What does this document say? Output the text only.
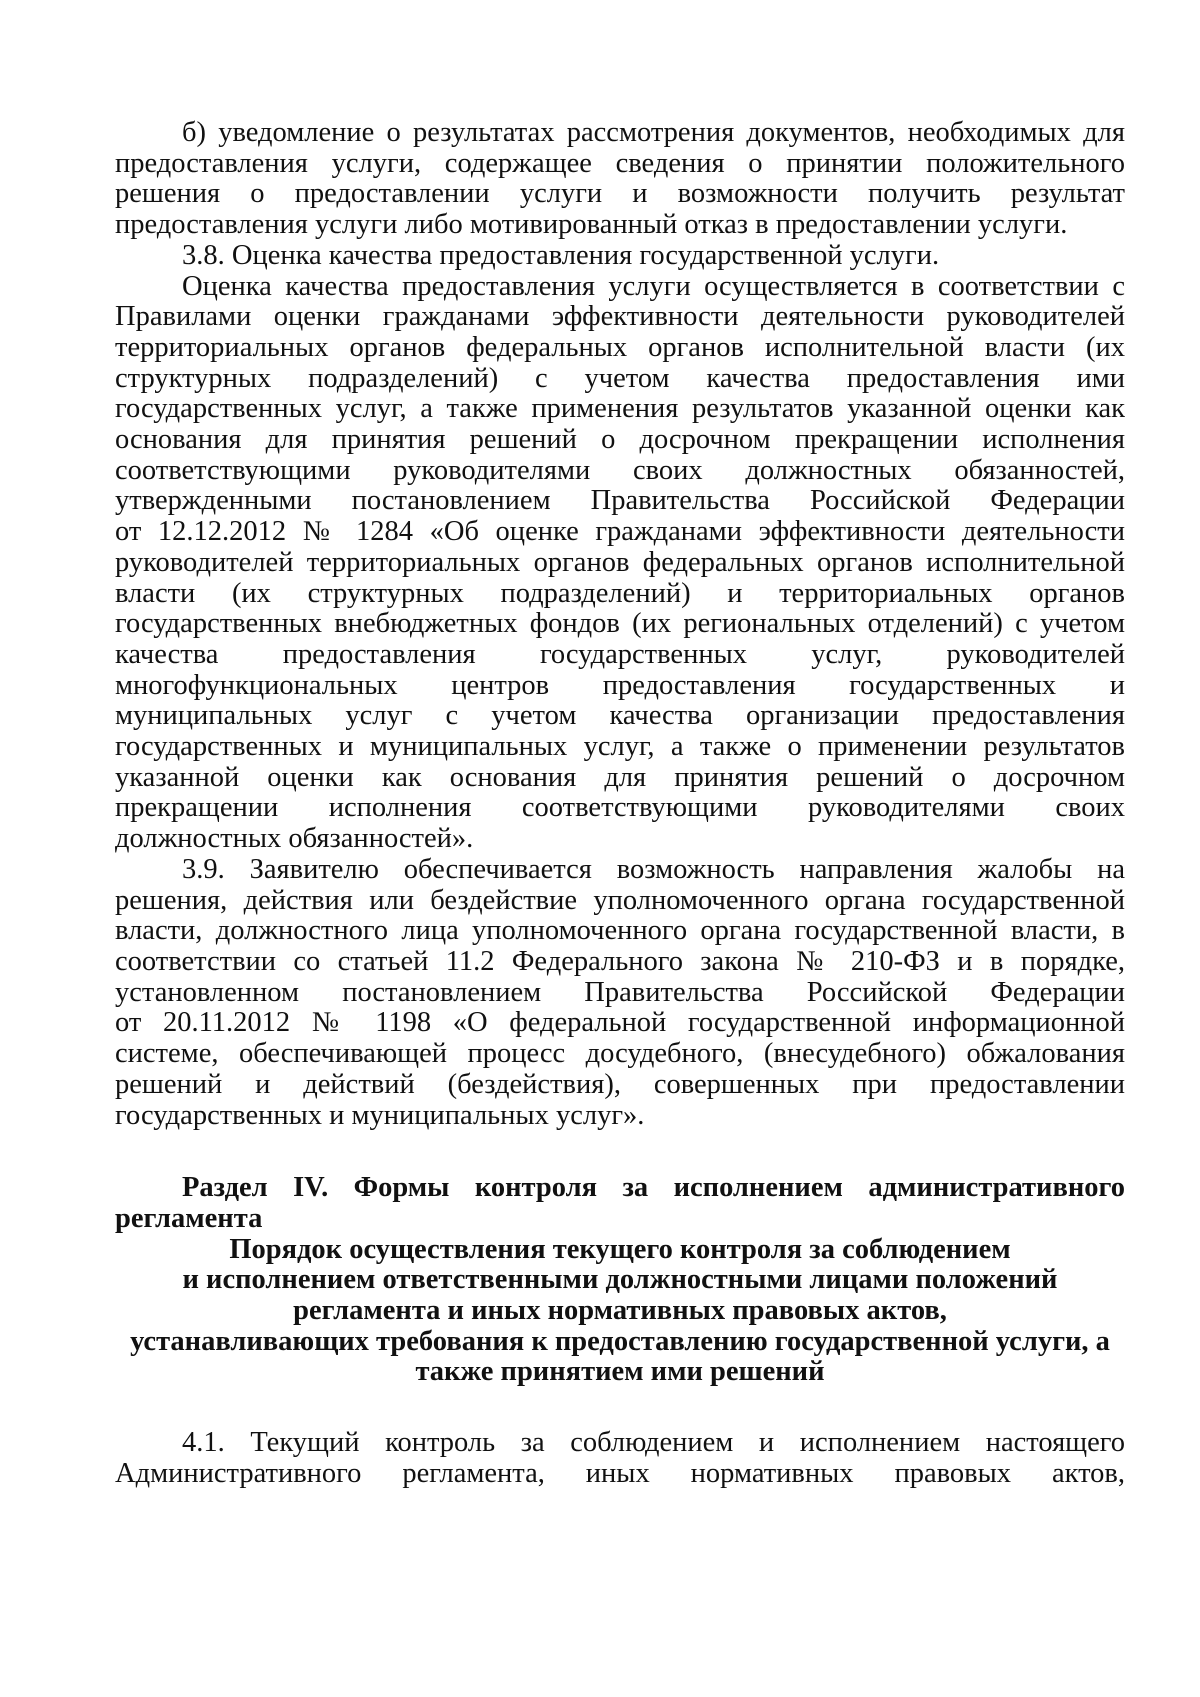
б) уведомление о результатах рассмотрения документов, необходимых для
предоставления услуги, содержащее сведения о принятии положительного
решения о предоставлении услуги и возможности получить результат
предоставления услуги либо мотивированный отказ в предоставлении услуги.
3.8. Оценка качества предоставления государственной услуги.
Оценка качества предоставления услуги осуществляется в соответствии с
Правилами оценки гражданами эффективности деятельности руководителей
территориальных органов федеральных органов исполнительной власти (их
структурных подразделений) с учетом качества предоставления ими
государственных услуг, а также применения результатов указанной оценки как
основания для принятия решений о досрочном прекращении исполнения
соответствующими руководителями своих должностных обязанностей,
утвержденными постановлением Правительства Российской Федерации
от 12.12.2012 № 1284 «Об оценке гражданами эффективности деятельности
руководителей территориальных органов федеральных органов исполнительной
власти (их структурных подразделений) и территориальных органов
государственных внебюджетных фондов (их региональных отделений) с учетом
качества предоставления государственных услуг, руководителей
многофункциональных центров предоставления государственных и
муниципальных услуг с учетом качества организации предоставления
государственных и муниципальных услуг, а также о применении результатов
указанной оценки как основания для принятия решений о досрочном
прекращении исполнения соответствующими руководителями своих
должностных обязанностей».
3.9. Заявителю обеспечивается возможность направления жалобы на
решения, действия или бездействие уполномоченного органа государственной
власти, должностного лица уполномоченного органа государственной власти, в
соответствии со статьей 11.2 Федерального закона № 210-ФЗ и в порядке,
установленном постановлением Правительства Российской Федерации
от 20.11.2012 № 1198 «О федеральной государственной информационной
системе, обеспечивающей процесс досудебного, (внесудебного) обжалования
решений и действий (бездействия), совершенных при предоставлении
государственных и муниципальных услуг».
Раздел IV. Формы контроля за исполнением административного
регламента
Порядок осуществления текущего контроля за соблюдением
и исполнением ответственными должностными лицами положений
регламента и иных нормативных правовых актов,
устанавливающих требования к предоставлению государственной услуги, а
также принятием ими решений
4.1. Текущий контроль за соблюдением и исполнением настоящего
Административного регламента, иных нормативных правовых актов,
